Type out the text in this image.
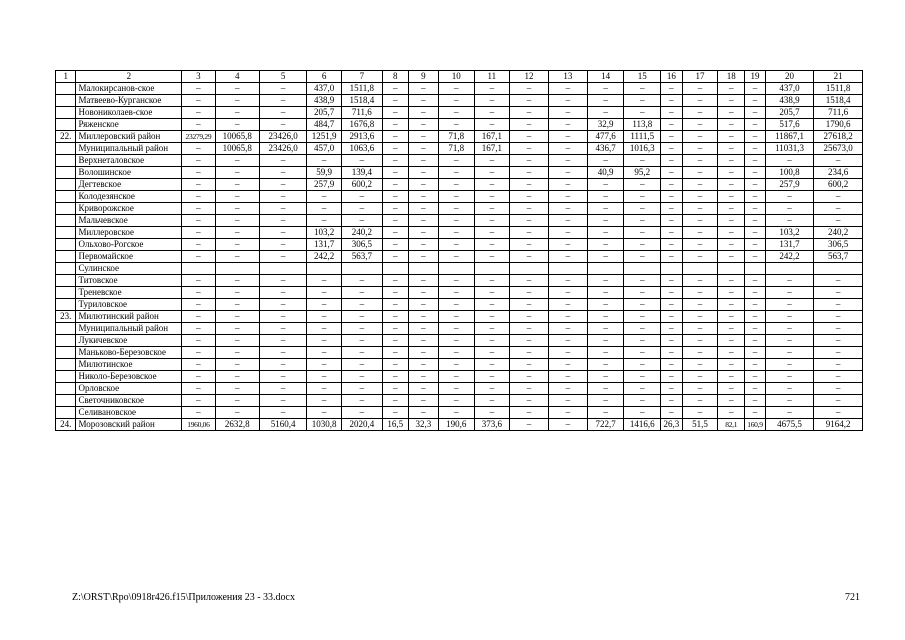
1	2	3	4	5	6	7	8	9	10	11	12	13	14	15	16	17	18	19	20	21
	Малокирсанов-ское	–	–	–	437,0	1511,8	–	–	–	–	–	–	–	–	–	–	–	–	437,0	1511,8
	Матвеево-Курганское	–	–	–	438,9	1518,4	–	–	–	–	–	–	–	–	–	–	–	–	438,9	1518,4
	Новониколаев-ское	–	–	–	205,7	711,6	–	–	–	–	–	–	–	–	–	–	–	–	205,7	711,6
	Ряженское	–	–	–	484,7	1676,8	–	–	–	–	–	–	32,9	113,8	–	–	–	–	517,6	1790,6
22.	Миллеровский район	23279,29	10065,8	23426,0	1251,9	2913,6	–	–	71,8	167,1	–	–	477,6	1111,5	–	–	–	–	11867,1	27618,2
	Муниципальный район	–	10065,8	23426,0	457,0	1063,6	–	–	71,8	167,1	–	–	436,7	1016,3	–	–	–	–	11031,3	25673,0
	Верхнеталовское	–	–	–	–	–	–	–	–	–	–	–	–	–	–	–	–	–	–	–
	Волошинское	–	–	–	59,9	139,4	–	–	–	–	–	–	40,9	95,2	–	–	–	–	100,8	234,6
	Дегтевское	–	–	–	257,9	600,2	–	–	–	–	–	–	–	–	–	–	–	–	257,9	600,2
	Колодезянское	–	–	–	–	–	–	–	–	–	–	–	–	–	–	–	–	–	–	–
	Криворожское	–	–	–	–	–	–	–	–	–	–	–	–	–	–	–	–	–	–	–
	Мальчевское	–	–	–	–	–	–	–	–	–	–	–	–	–	–	–	–	–	–	–
	Миллеровское	–	–	–	103,2	240,2	–	–	–	–	–	–	–	–	–	–	–	–	103,2	240,2
	Ольхово-Рогское	–	–	–	131,7	306,5	–	–	–	–	–	–	–	–	–	–	–	–	131,7	306,5
	Первомайское	–	–	–	242,2	563,7	–	–	–	–	–	–	–	–	–	–	–	–	242,2	563,7
	Сулинское																			
	Титовское	–	–	–	–	–	–	–	–	–	–	–	–	–	–	–	–	–	–	–
	Треневское	–	–	–	–	–	–	–	–	–	–	–	–	–	–	–	–	–	–	–
	Туриловское	–	–	–	–	–	–	–	–	–	–	–	–	–	–	–	–	–	–	–
23.	Милютинский район	–	–	–	–	–	–	–	–	–	–	–	–	–	–	–	–	–	–	–
	Муниципальный район	–	–	–	–	–	–	–	–	–	–	–	–	–	–	–	–	–	–	–
	Лукичевское	–	–	–	–	–	–	–	–	–	–	–	–	–	–	–	–	–	–	–
	Маньково-Березовское	–	–	–	–	–	–	–	–	–	–	–	–	–	–	–	–	–	–	–
	Милютинское	–	–	–	–	–	–	–	–	–	–	–	–	–	–	–	–	–	–	–
	Николо-Березовское	–	–	–	–	–	–	–	–	–	–	–	–	–	–	–	–	–	–	–
	Орловское	–	–	–	–	–	–	–	–	–	–	–	–	–	–	–	–	–	–	–
	Светочниковское	–	–	–	–	–	–	–	–	–	–	–	–	–	–	–	–	–	–	–
	Селивановское	–	–	–	–	–	–	–	–	–	–	–	–	–	–	–	–	–	–	–
24.	Морозовский район	1960,06	2632,8	5160,4	1030,8	2020,4	16,5	32,3	190,6	373,6	–	–	722,7	1416,6	26,3	51,5	82,1	160,9	4675,5	9164,2
Z:\ORST\Rpo\0918r426.f15\Приложения 23 - 33.docx	721
